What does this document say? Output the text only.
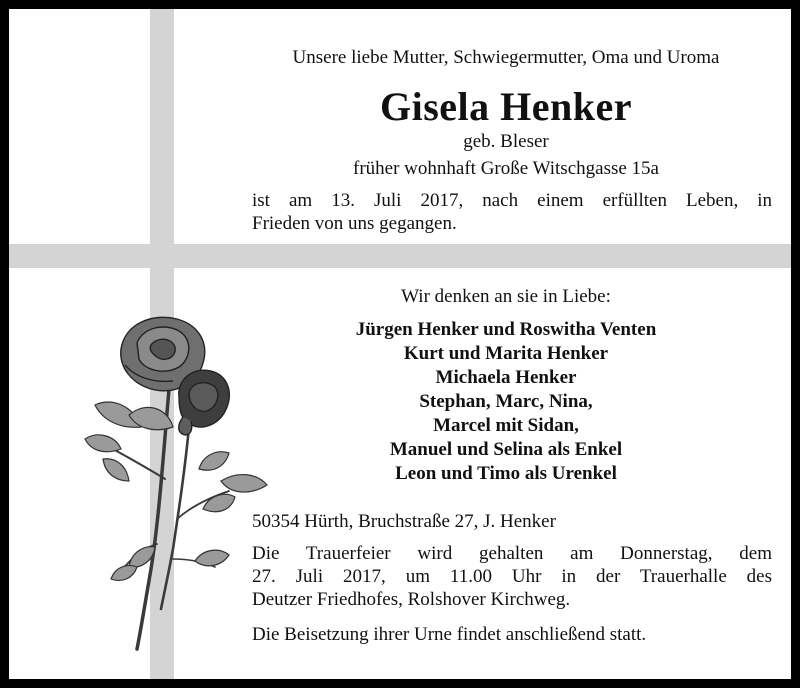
Unsere liebe Mutter, Schwiegermutter, Oma und Uroma
Gisela Henker
geb. Bleser
früher wohnhaft Große Witschgasse 15a
ist am 13. Juli 2017, nach einem erfüllten Leben, in
Frieden von uns gegangen.
Wir denken an sie in Liebe:
Jürgen Henker und Roswitha Venten
Kurt und Marita Henker
Michaela Henker
Stephan, Marc, Nina,
Marcel mit Sidan,
Manuel und Selina als Enkel
Leon und Timo als Urenkel
50354 Hürth, Bruchstraße 27, J. Henker
Die Trauerfeier wird gehalten am Donnerstag, dem
27. Juli 2017, um 11.00 Uhr in der Trauerhalle des
Deutzer Friedhofes, Rolshover Kirchweg.
Die Beisetzung ihrer Urne findet anschließend statt.
